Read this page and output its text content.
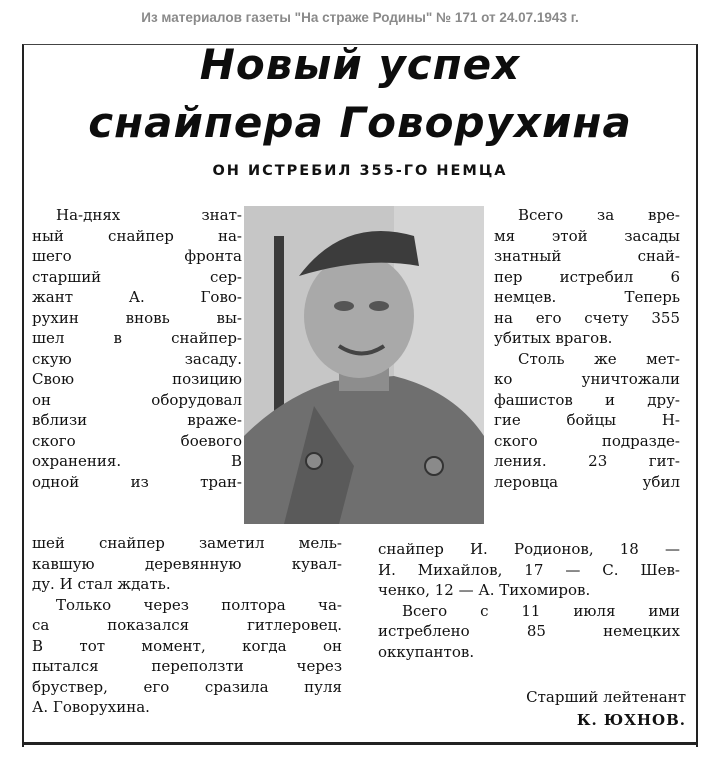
Из материалов газеты "На страже Родины" № 171 от 24.07.1943 г.
Новый успех
снайпера Говорухина
ОН ИСТРЕБИЛ 355-ГО НЕМЦА
На-днях знат-
ный снайпер на-
шего фронта
старший сер-
жант А. Гово-
рухин вновь вы-
шел в снайпер-
скую засаду.
Свою позицию
он оборудовал
вблизи враже-
ского боевого
охранения. В
одной из тран-
шей снайпер заметил мель-
кавшую деревянную кувал-
ду. И стал ждать.
Только через полтора ча-
са показался гитлеровец.
В тот момент, когда он
пытался переползти через
бруствер, его сразила пуля
А. Говорухина.
Всего за вре-
мя этой засады
знатный снай-
пер истребил 6
немцев. Теперь
на его счету 355
убитых врагов.
Столь же мет-
ко уничтожали
фашистов и дру-
гие бойцы Н-
ского подразде-
ления. 23 гит-
леровца убил
снайпер И. Родионов, 18 —
И. Михайлов, 17 — С. Шев-
ченко, 12 — А. Тихомиров.
Всего с 11 июля ими
истреблено 85 немецких
оккупантов.
Старший лейтенант
К. ЮХНОВ.
